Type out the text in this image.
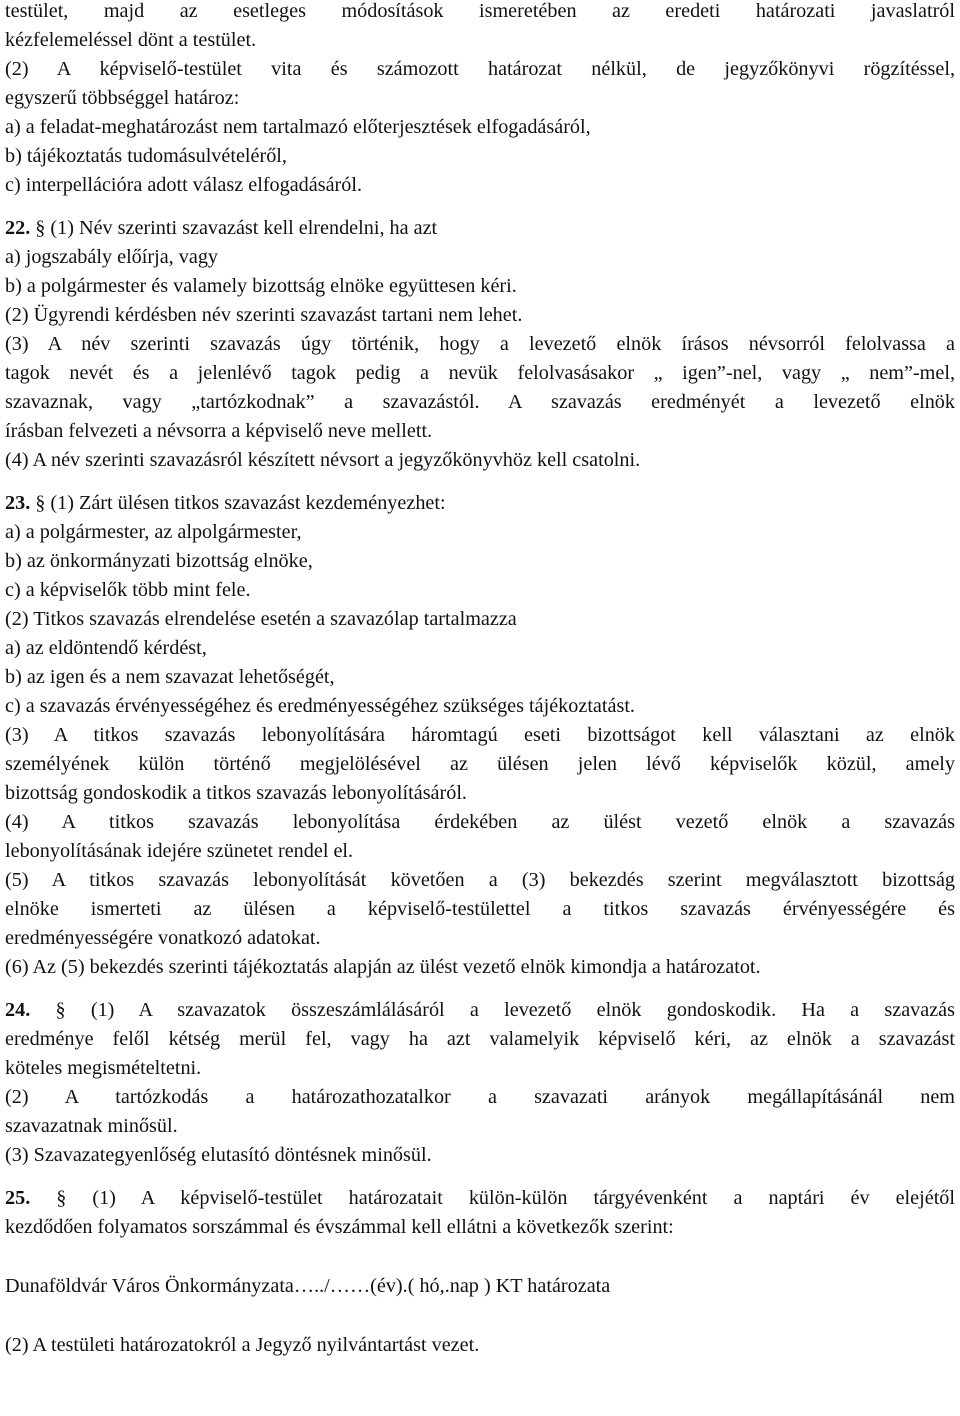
testület, majd az esetleges módosítások ismeretében az eredeti határozati javaslatról
kézfelemeléssel dönt a testület.
(2) A képviselő-testület vita és számozott határozat nélkül, de jegyzőkönyvi rögzítéssel,
egyszerű többséggel határoz:
a) a feladat-meghatározást nem tartalmazó előterjesztések elfogadásáról,
b) tájékoztatás tudomásulvételéről,
c) interpellációra adott válasz elfogadásáról.
22. § (1) Név szerinti szavazást kell elrendelni, ha azt
a) jogszabály előírja, vagy
b) a polgármester és valamely bizottság elnöke együttesen kéri.
(2) Ügyrendi kérdésben név szerinti szavazást tartani nem lehet.
(3) A név szerinti szavazás úgy történik, hogy a levezető elnök írásos névsorról felolvassa a
tagok nevét és a jelenlévő tagok pedig a nevük felolvasásakor „ igen”-nel, vagy „ nem”-mel,
szavaznak, vagy „tartózkodnak” a szavazástól. A szavazás eredményét a levezető elnök
írásban felvezeti a névsorra a képviselő neve mellett.
(4) A név szerinti szavazásról készített névsort a jegyzőkönyvhöz kell csatolni.
23. § (1) Zárt ülésen titkos szavazást kezdeményezhet:
a) a polgármester, az alpolgármester,
b) az önkormányzati bizottság elnöke,
c) a képviselők több mint fele.
(2) Titkos szavazás elrendelése esetén a szavazólap tartalmazza
a) az eldöntendő kérdést,
b) az igen és a nem szavazat lehetőségét,
c) a szavazás érvényességéhez és eredményességéhez szükséges tájékoztatást.
(3) A titkos szavazás lebonyolítására háromtagú eseti bizottságot kell választani az elnök
személyének külön történő megjelölésével az ülésen jelen lévő képviselők közül, amely
bizottság gondoskodik a titkos szavazás lebonyolításáról.
(4) A titkos szavazás lebonyolítása érdekében az ülést vezető elnök a szavazás
lebonyolításának idejére szünetet rendel el.
(5) A titkos szavazás lebonyolítását követően a (3) bekezdés szerint megválasztott bizottság
elnöke ismerteti az ülésen a képviselő-testülettel a titkos szavazás érvényességére és
eredményességére vonatkozó adatokat.
(6) Az (5) bekezdés szerinti tájékoztatás alapján az ülést vezető elnök kimondja a határozatot.
24. § (1) A szavazatok összeszámlálásáról a levezető elnök gondoskodik. Ha a szavazás
eredménye felől kétség merül fel, vagy ha azt valamelyik képviselő kéri, az elnök a szavazást
köteles megismételtetni.
(2) A tartózkodás a határozathozatalkor a szavazati arányok megállapításánál nem
szavazatnak minősül.
(3) Szavazategyenlőség elutasító döntésnek minősül.
25. § (1) A képviselő-testület határozatait külön-külön tárgyévenként a naptári év elejétől
kezdődően folyamatos sorszámmal és évszámmal kell ellátni a következők szerint:
Dunaföldvár Város Önkormányzata…../……(év).( hó,.nap ) KT határozata
(2) A testületi határozatokról a Jegyző nyilvántartást vezet.
